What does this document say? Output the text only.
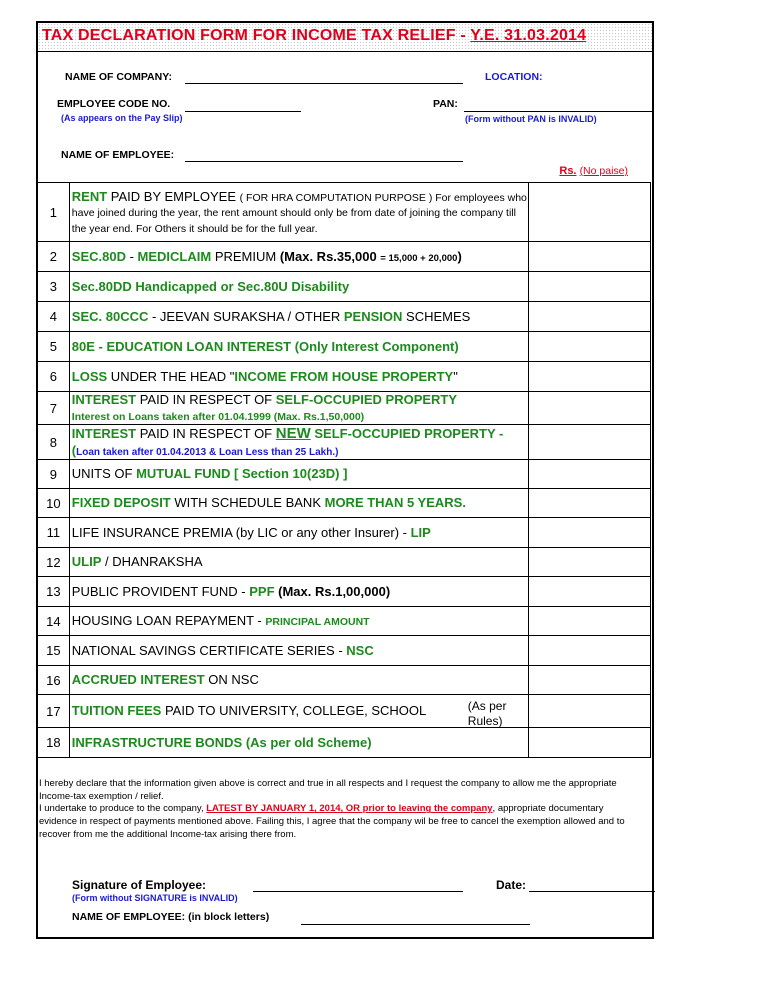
TAX DECLARATION FORM FOR INCOME TAX RELIEF - Y.E. 31.03.2014
NAME OF COMPANY:	LOCATION:
EMPLOYEE CODE NO.
(As appears on the Pay Slip)
PAN:
(Form without PAN is INVALID)
NAME OF EMPLOYEE:
Rs. (No paise)
1	RENT PAID BY EMPLOYEE ( FOR HRA COMPUTATION PURPOSE ) For employees who have joined during the year, the rent amount should only be from date of joining the company till the year end. For Others it should be for the full year.	

2	SEC.80D - MEDICLAIM PREMIUM (Max. Rs.35,000 = 15,000 + 20,000)	

3	Sec.80DD Handicapped or Sec.80U Disability	

4	SEC. 80CCC - JEEVAN SURAKSHA / OTHER PENSION SCHEMES	

5	80E - EDUCATION LOAN INTEREST (Only Interest Component)	

6	LOSS UNDER THE HEAD "INCOME FROM HOUSE PROPERTY"	

7	INTEREST PAID IN RESPECT OF SELF-OCCUPIED PROPERTY
Interest on Loans taken after 01.04.1999 (Max. Rs.1,50,000)	

8	INTEREST PAID IN RESPECT OF NEW SELF-OCCUPIED PROPERTY -
(Loan taken after 01.04.2013 & Loan Less than 25 Lakh.)	

9	UNITS OF MUTUAL FUND [ Section 10(23D) ]	

10	FIXED DEPOSIT WITH SCHEDULE BANK MORE THAN 5 YEARS.	

11	LIFE INSURANCE PREMIA (by LIC or any other Insurer) - LIP	

12	ULIP / DHANRAKSHA	

13	PUBLIC PROVIDENT FUND - PPF (Max. Rs.1,00,000)	

14	HOUSING LOAN REPAYMENT - PRINCIPAL AMOUNT	

15	NATIONAL SAVINGS CERTIFICATE SERIES - NSC	

16	ACCRUED INTEREST ON NSC	

17	TUITION FEES PAID TO UNIVERSITY, COLLEGE, SCHOOL (As per Rules)	

18	INFRASTRUCTURE BONDS (As per old Scheme)	

I hereby declare that the information given above is correct and true in all respects and I request the company to allow me the appropriate Income-tax exemption / relief.
I undertake to produce to the company, LATEST BY JANUARY 1, 2014, OR prior to leaving the company, appropriate documentary evidence in respect of payments mentioned above. Failing this, I agree that the company wil be free to cancel the exemption allowed and to recover from me the additional Income-tax arising there from.
Signature of Employee:
(Form without SIGNATURE is INVALID)
Date:
NAME OF EMPLOYEE: (in block letters)
